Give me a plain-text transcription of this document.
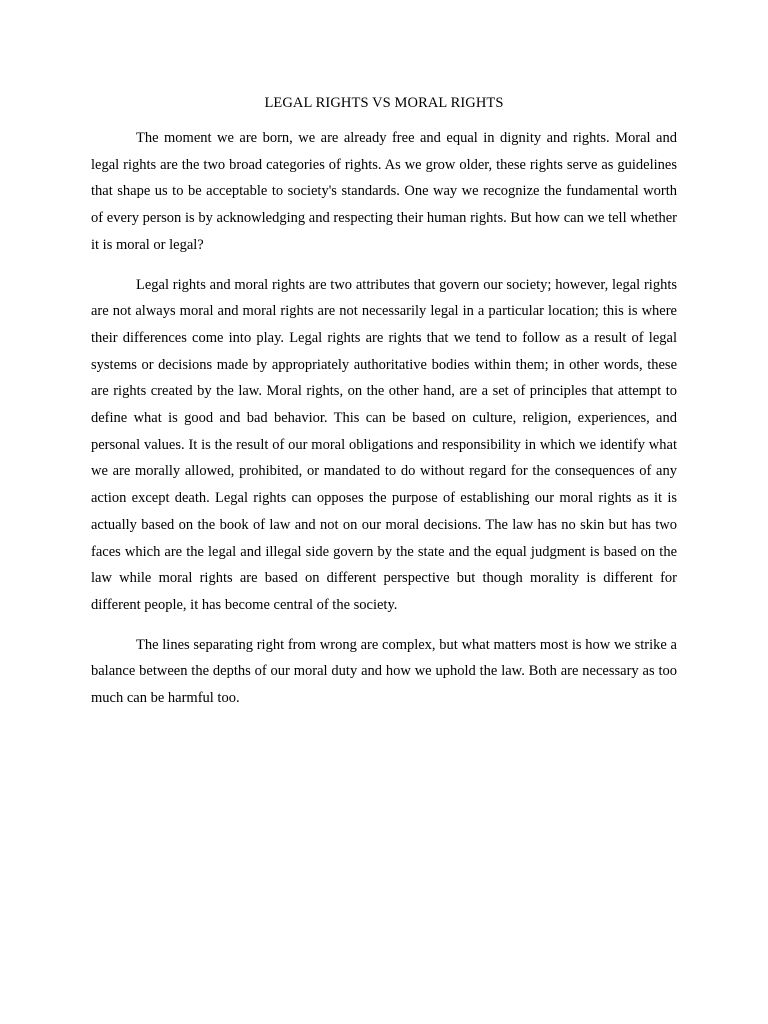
LEGAL RIGHTS VS MORAL RIGHTS

The moment we are born, we are already free and equal in dignity and rights. Moral and legal rights are the two broad categories of rights. As we grow older, these rights serve as guidelines that shape us to be acceptable to society's standards. One way we recognize the fundamental worth of every person is by acknowledging and respecting their human rights. But how can we tell whether it is moral or legal?

Legal rights and moral rights are two attributes that govern our society; however, legal rights are not always moral and moral rights are not necessarily legal in a particular location; this is where their differences come into play. Legal rights are rights that we tend to follow as a result of legal systems or decisions made by appropriately authoritative bodies within them; in other words, these are rights created by the law. Moral rights, on the other hand, are a set of principles that attempt to define what is good and bad behavior. This can be based on culture, religion, experiences, and personal values. It is the result of our moral obligations and responsibility in which we identify what we are morally allowed, prohibited, or mandated to do without regard for the consequences of any action except death. Legal rights can opposes the purpose of establishing our moral rights as it is actually based on the book of law and not on our moral decisions. The law has no skin but has two faces which are the legal and illegal side govern by the state and the equal judgment is based on the law while moral rights are based on different perspective but though morality is different for different people, it has become central of the society.

The lines separating right from wrong are complex, but what matters most is how we strike a balance between the depths of our moral duty and how we uphold the law. Both are necessary as too much can be harmful too.
